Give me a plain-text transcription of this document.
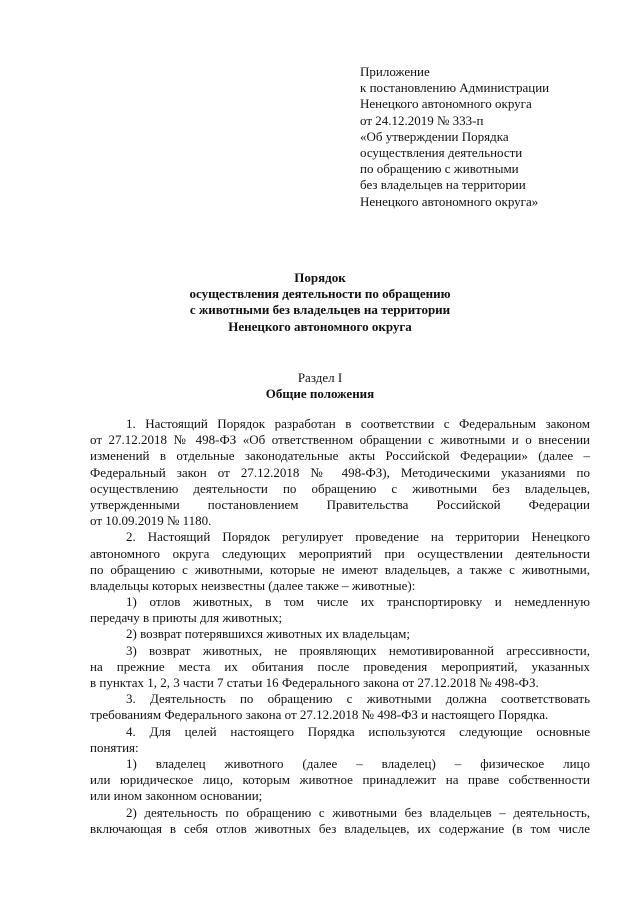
Приложение
к постановлению Администрации
Ненецкого автономного округа
от 24.12.2019 № 333-п
«Об утверждении Порядка
осуществления деятельности
по обращению с животными
без владельцев на территории
Ненецкого автономного округа»
Порядок
осуществления деятельности по обращению
с животными без владельцев на территории
Ненецкого автономного округа
Раздел I
Общие положения
1. Настоящий Порядок разработан в соответствии с Федеральным законом
от 27.12.2018 № 498-ФЗ «Об ответственном обращении с животными и о внесении
изменений в отдельные законодательные акты Российской Федерации» (далее –
Федеральный закон от 27.12.2018 № 498-ФЗ), Методическими указаниями по
осуществлению деятельности по обращению с животными без владельцев,
утвержденными постановлением Правительства Российской Федерации
от 10.09.2019 № 1180.
2. Настоящий Порядок регулирует проведение на территории Ненецкого
автономного округа следующих мероприятий при осуществлении деятельности
по обращению с животными, которые не имеют владельцев, а также с животными,
владельцы которых неизвестны (далее также – животные):
1) отлов животных, в том числе их транспортировку и немедленную
передачу в приюты для животных;
2) возврат потерявшихся животных их владельцам;
3) возврат животных, не проявляющих немотивированной агрессивности,
на прежние места их обитания после проведения мероприятий, указанных
в пунктах 1, 2, 3 части 7 статьи 16 Федерального закона от 27.12.2018 № 498-ФЗ.
3. Деятельность по обращению с животными должна соответствовать
требованиям Федерального закона от 27.12.2018 № 498-ФЗ и настоящего Порядка.
4. Для целей настоящего Порядка используются следующие основные
понятия:
1) владелец животного (далее – владелец) – физическое лицо
или юридическое лицо, которым животное принадлежит на праве собственности
или ином законном основании;
2) деятельность по обращению с животными без владельцев – деятельность,
включающая в себя отлов животных без владельцев, их содержание (в том числе
